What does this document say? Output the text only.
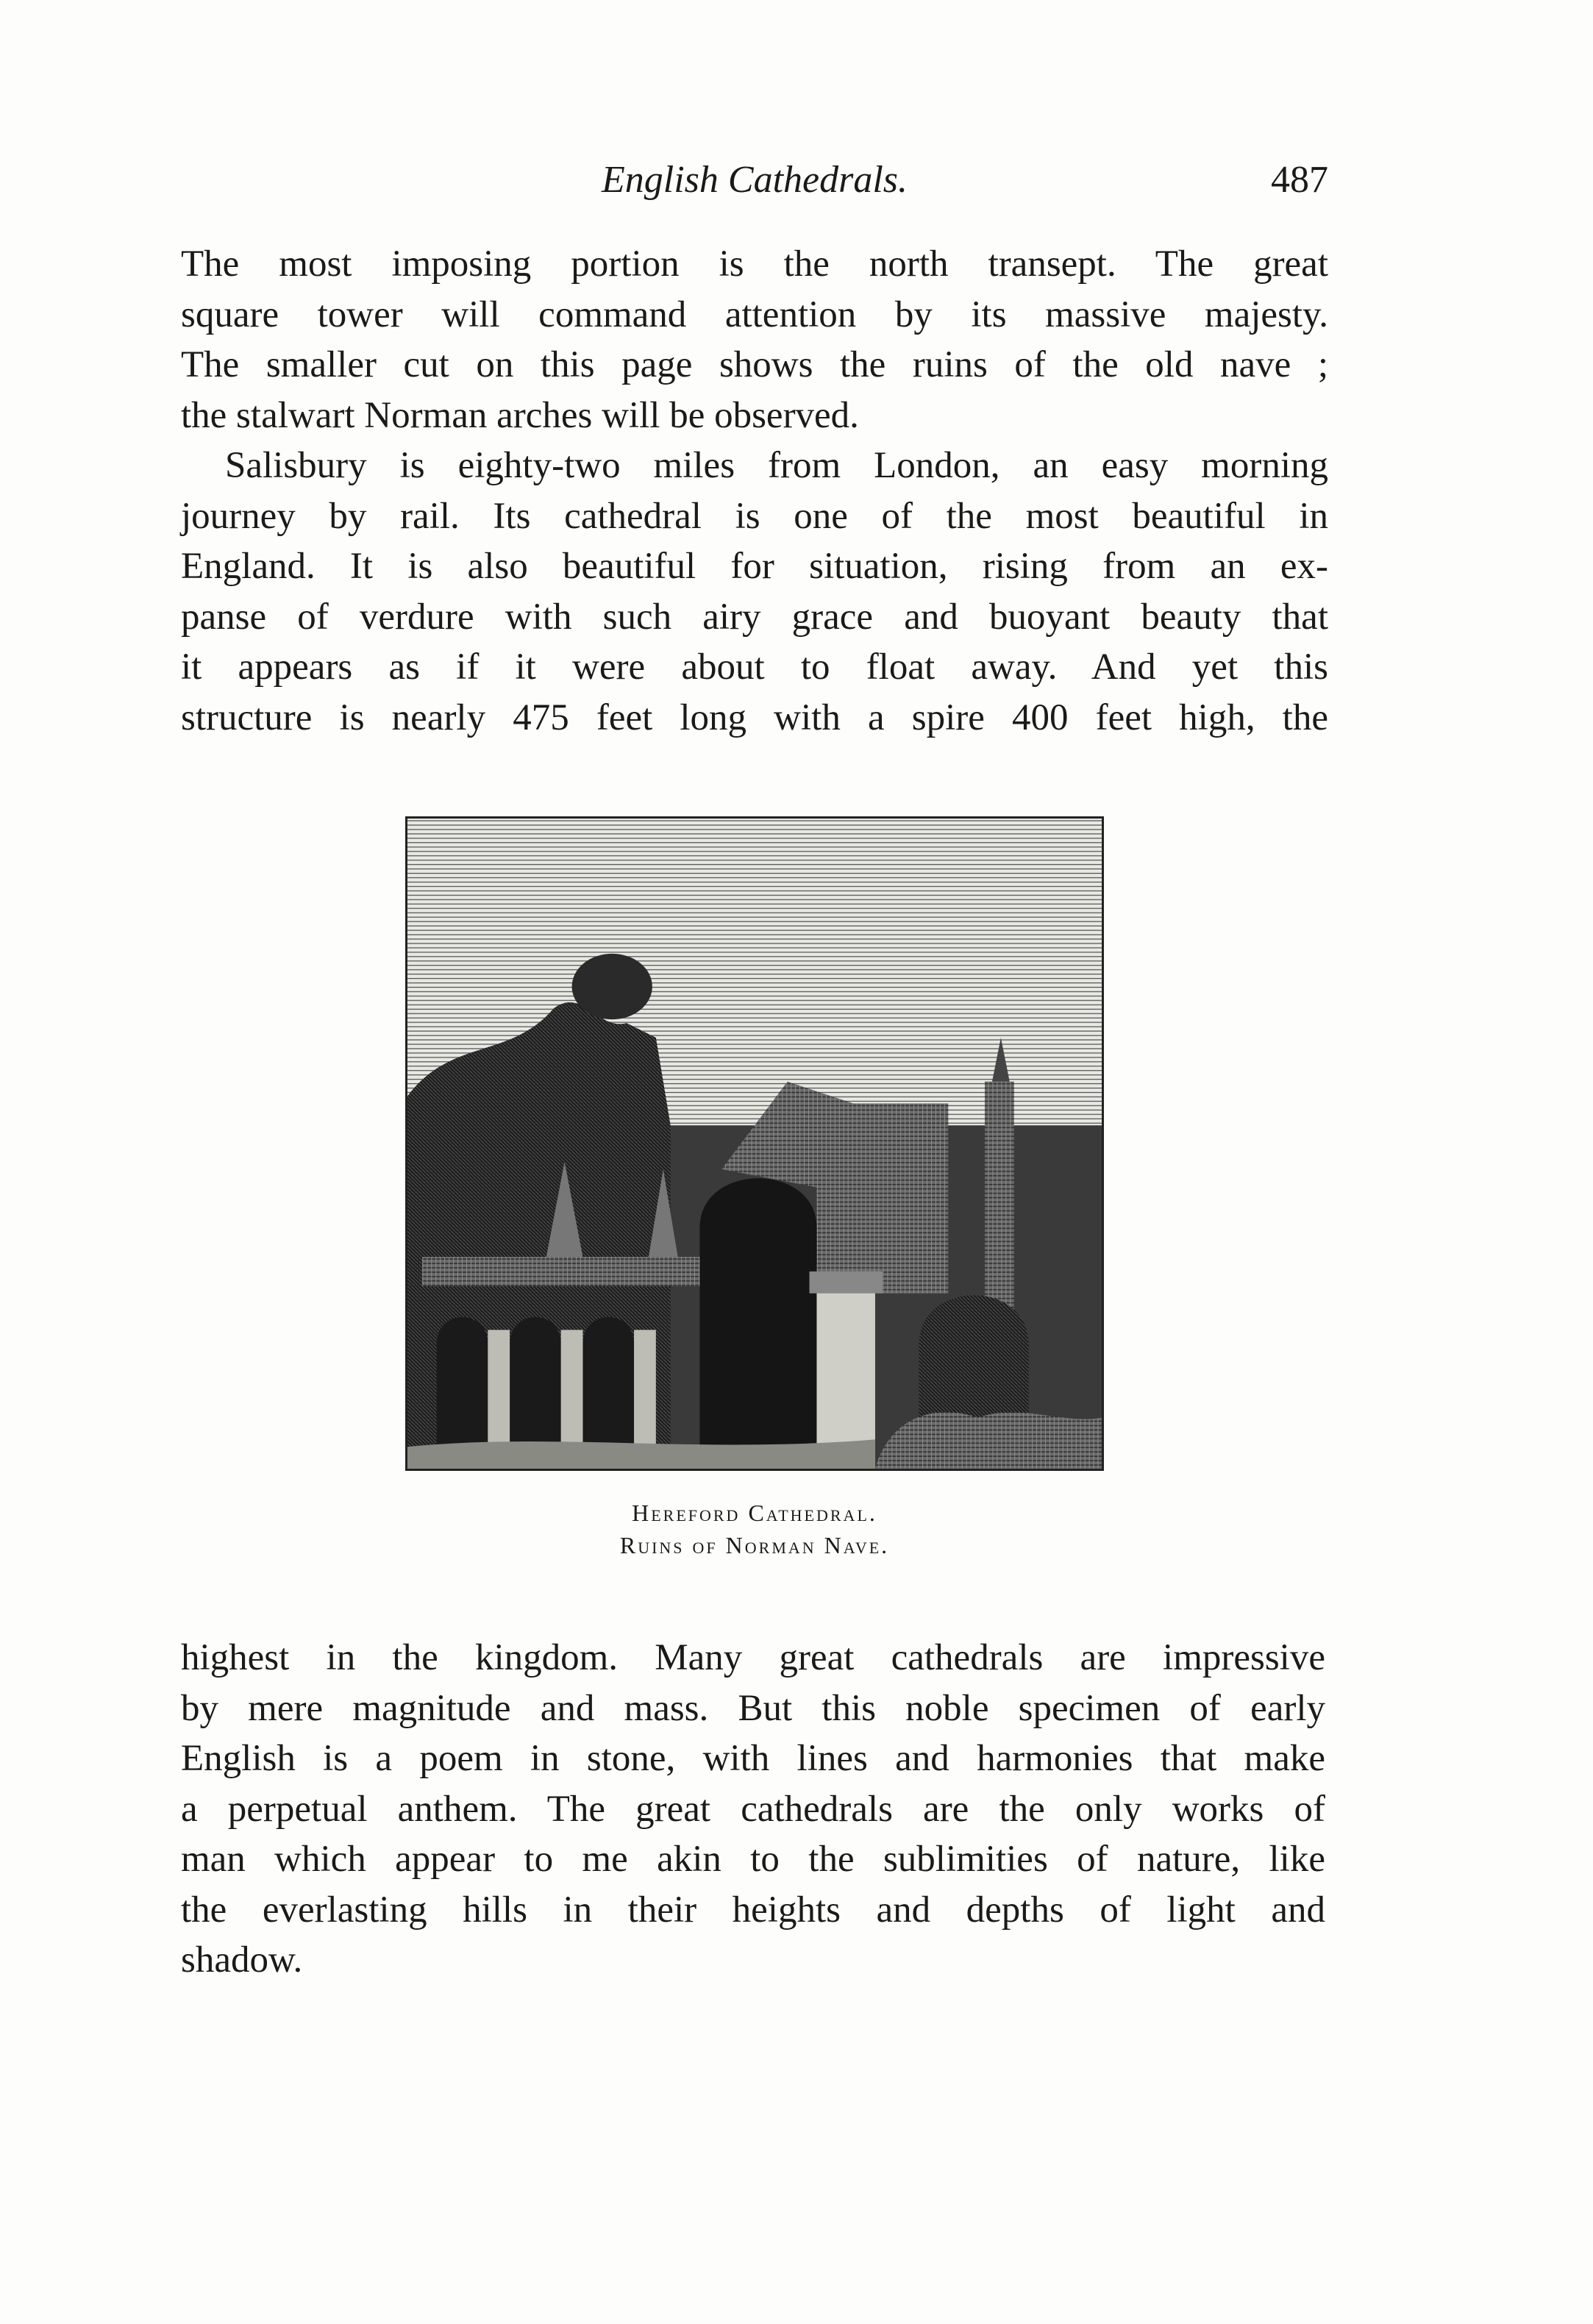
English Cathedrals.	487

The most imposing portion is the north transept. The great
square tower will command attention by its massive majesty.
The smaller cut on this page shows the ruins of the old nave ;
the stalwart Norman arches will be observed.

Salisbury is eighty-two miles from London, an easy morning
journey by rail. Its cathedral is one of the most beautiful in
England. It is also beautiful for situation, rising from an ex-
panse of verdure with such airy grace and buoyant beauty that
it appears as if it were about to float away. And yet this
structure is nearly 475 feet long with a spire 400 feet high, the

Hereford Cathedral.
Ruins of Norman Nave.

highest in the kingdom. Many great cathedrals are impressive
by mere magnitude and mass. But this noble specimen of early
English is a poem in stone, with lines and harmonies that make
a perpetual anthem. The great cathedrals are the only works of
man which appear to me akin to the sublimities of nature, like
the everlasting hills in their heights and depths of light and
shadow.
